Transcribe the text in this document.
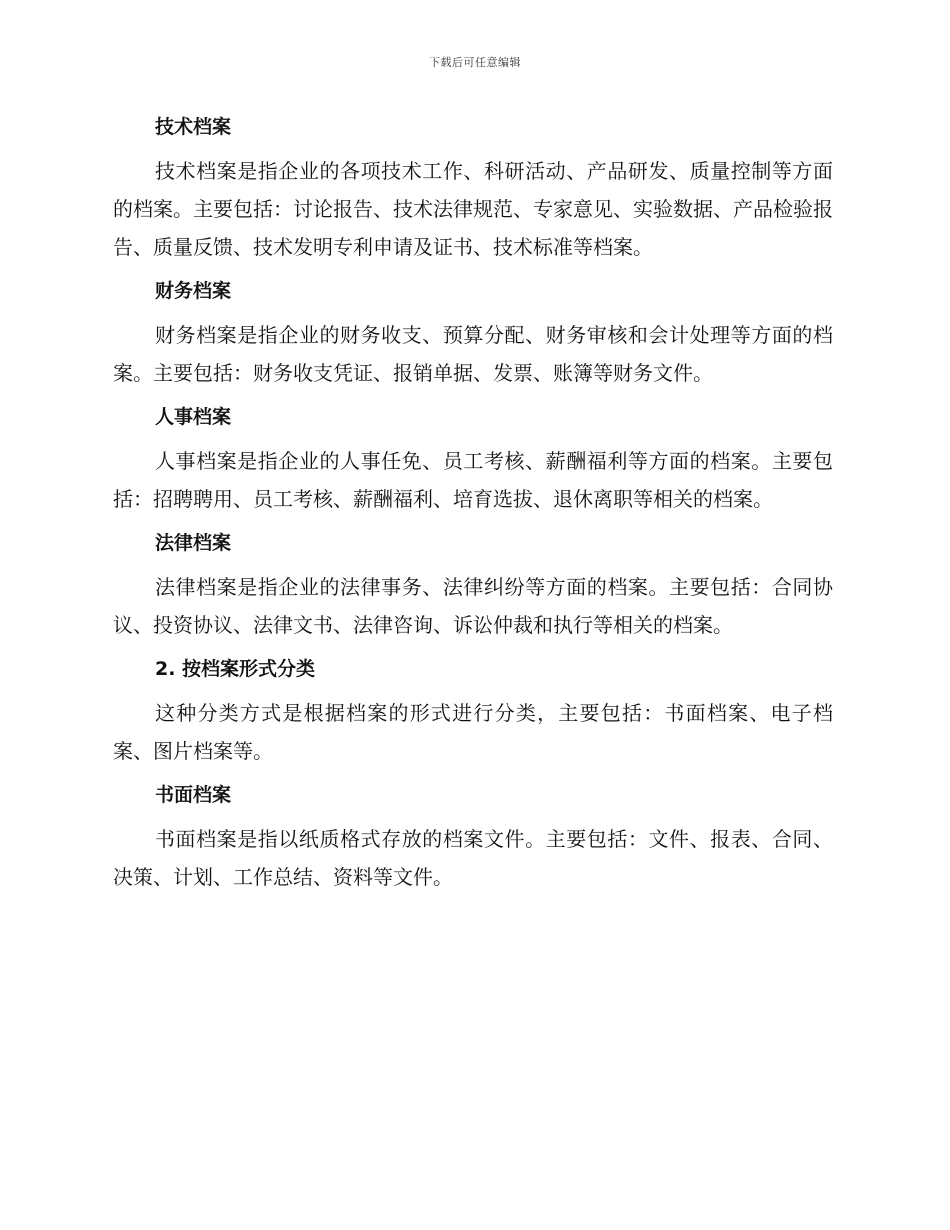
下载后可任意编辑

技术档案

技术档案是指企业的各项技术工作、科研活动、产品研发、质量控制等方面的档案。主要包括：讨论报告、技术法律规范、专家意见、实验数据、产品检验报告、质量反馈、技术发明专利申请及证书、技术标准等档案。

财务档案

财务档案是指企业的财务收支、预算分配、财务审核和会计处理等方面的档案。主要包括：财务收支凭证、报销单据、发票、账簿等财务文件。

人事档案

人事档案是指企业的人事任免、员工考核、薪酬福利等方面的档案。主要包括：招聘聘用、员工考核、薪酬福利、培育选拔、退休离职等相关的档案。

法律档案

法律档案是指企业的法律事务、法律纠纷等方面的档案。主要包括：合同协议、投资协议、法律文书、法律咨询、诉讼仲裁和执行等相关的档案。

2. 按档案形式分类

这种分类方式是根据档案的形式进行分类，主要包括：书面档案、电子档案、图片档案等。

书面档案

书面档案是指以纸质格式存放的档案文件。主要包括：文件、报表、合同、决策、计划、工作总结、资料等文件。
